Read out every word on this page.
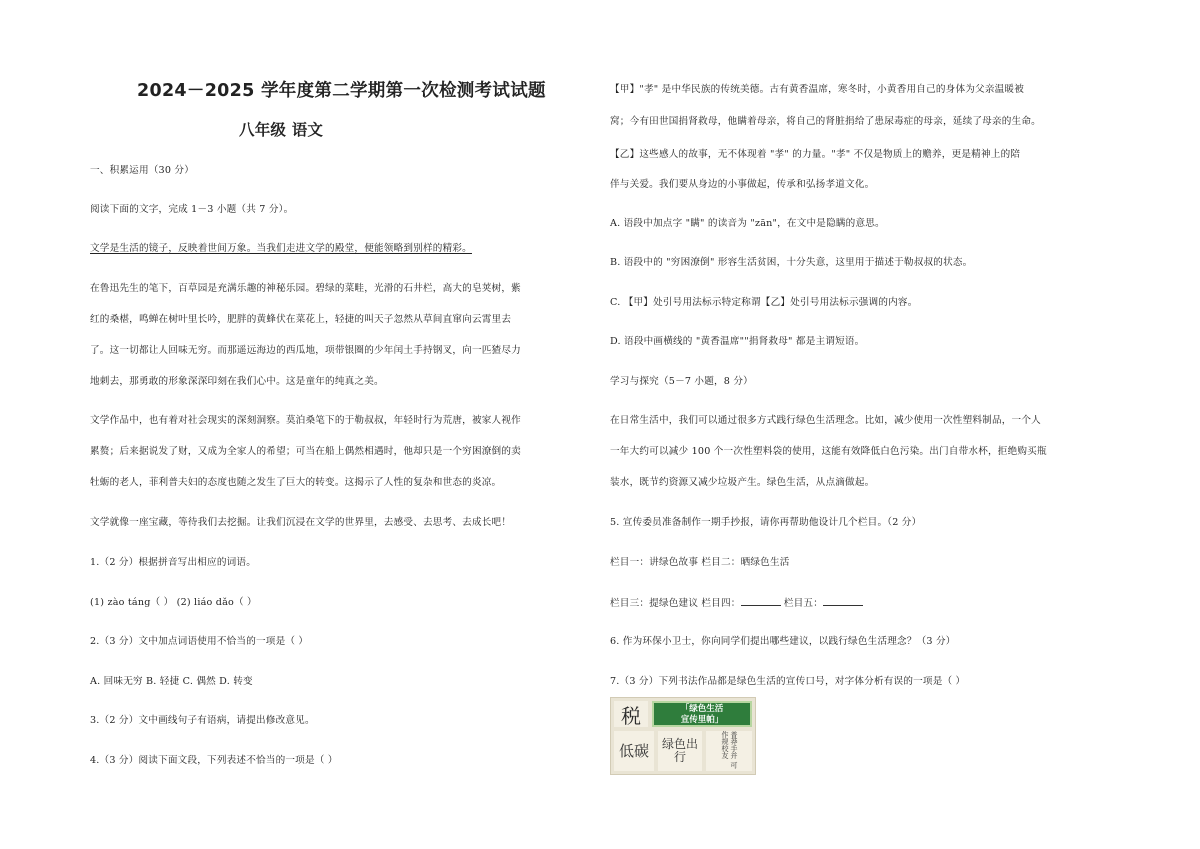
2024－2025 学年度第二学期第一次检测考试试题
八年级 语文
一、积累运用（30 分）
阅读下面的文字，完成 1－3 小题（共 7 分）。
文学是生活的镜子，反映着世间万象。当我们走进文学的殿堂，便能领略到别样的精彩。
在鲁迅先生的笔下，百草园是充满乐趣的神秘乐园。碧绿的菜畦，光滑的石井栏，高大的皂荚树，紫
红的桑椹，鸣蝉在树叶里长吟，肥胖的黄蜂伏在菜花上，轻捷的叫天子忽然从草间直窜向云霄里去
了。这一切都让人回味无穷。而那遥远海边的西瓜地，项带银圈的少年闰土手持钢叉，向一匹猹尽力
地刺去，那勇敢的形象深深印刻在我们心中。这是童年的纯真之美。
文学作品中，也有着对社会现实的深刻洞察。莫泊桑笔下的于勒叔叔，年轻时行为荒唐，被家人视作
累赘；后来据说发了财，又成为全家人的希望；可当在船上偶然相遇时，他却只是一个穷困潦倒的卖
牡蛎的老人，菲利普夫妇的态度也随之发生了巨大的转变。这揭示了人性的复杂和世态的炎凉。
文学就像一座宝藏，等待我们去挖掘。让我们沉浸在文学的世界里，去感受、去思考、去成长吧！
1.（2 分）根据拼音写出相应的词语。
(1) zào táng（ ） (2) liáo dǎo（ ）
2.（3 分）文中加点词语使用不恰当的一项是（ ）
A. 回味无穷 B. 轻捷 C. 偶然 D. 转变
3.（2 分）文中画线句子有语病，请提出修改意见。
4.（3 分）阅读下面文段，下列表述不恰当的一项是（ ）
【甲】"孝" 是中华民族的传统美德。古有黄香温席，寒冬时，小黄香用自己的身体为父亲温暖被
窝；今有田世国捐肾救母，他瞒着母亲，将自己的肾脏捐给了患尿毒症的母亲，延续了母亲的生命。
【乙】这些感人的故事，无不体现着 "孝" 的力量。"孝" 不仅是物质上的赡养，更是精神上的陪
伴与关爱。我们要从身边的小事做起，传承和弘扬孝道文化。
A. 语段中加点字 "瞒" 的读音为 "zān"，在文中是隐瞒的意思。
B. 语段中的 "穷困潦倒" 形容生活贫困，十分失意，这里用于描述于勒叔叔的状态。
C. 【甲】处引号用法标示特定称谓【乙】处引号用法标示强调的内容。
D. 语段中画横线的 "黄香温席""捐肾救母" 都是主谓短语。
学习与探究（5－7 小题，8 分）
在日常生活中，我们可以通过很多方式践行绿色生活理念。比如，减少使用一次性塑料制品，一个人
一年大约可以减少 100 个一次性塑料袋的使用，这能有效降低白色污染。出门自带水杯，拒绝购买瓶
装水，既节约资源又减少垃圾产生。绿色生活，从点滴做起。
5. 宣传委员准备制作一期手抄报，请你再帮助他设计几个栏目。（2 分）
栏目一：讲绿色故事 栏目二：晒绿色生活
栏目三：提绿色建议 栏目四：	栏目五：
6. 作为环保小卫士，你向同学们提出哪些建议，以践行绿色生活理念？（3 分）
7.（3 分）下列书法作品都是绿色生活的宣传口号，对字体分析有误的一项是（ ）
税	「绿色生活
宣传里帕」
低碳	绿色出行	普莽手并 可作规校友
